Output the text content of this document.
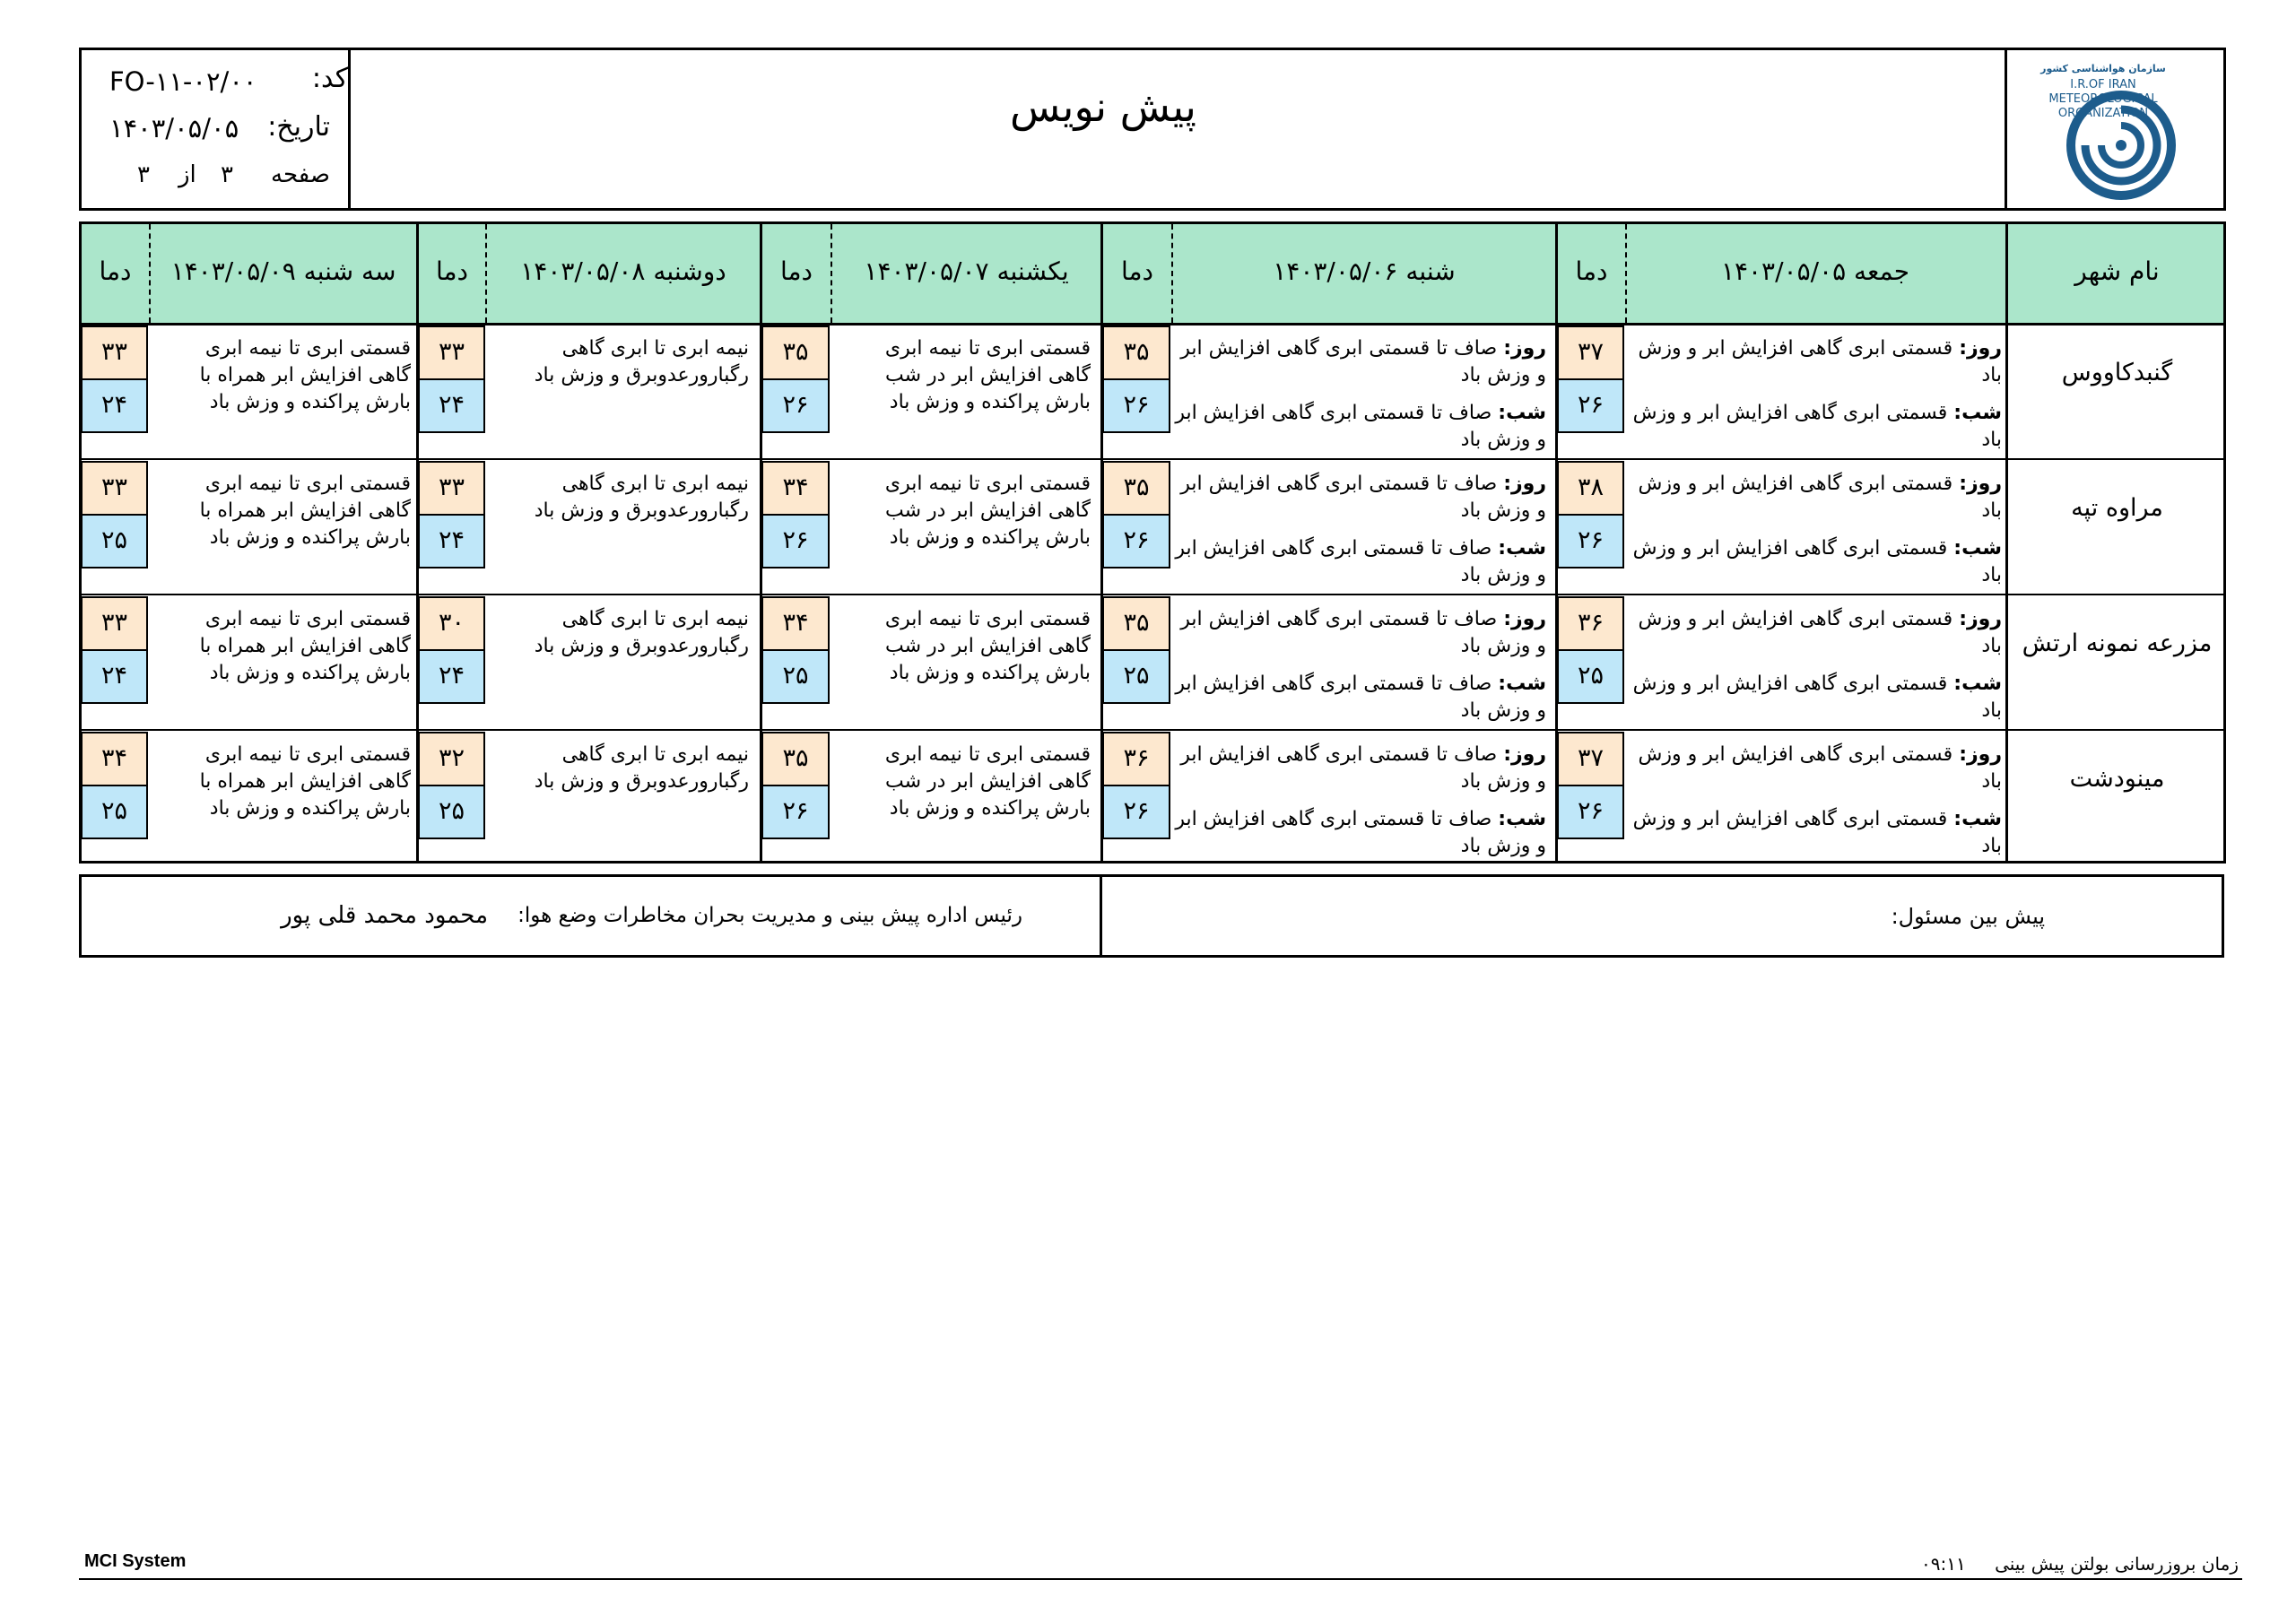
سازمان هواشناسی کشور
I.R.OF IRAN
METEOROLOGICAL
ORGANIZATION
پیش نویس
کد:
FO-۱۱-۰۲/۰۰
تاریخ:
۱۴۰۳/۰۵/۰۵
صفحه
۳
از
۳
نام شهر
جمعه ۱۴۰۳/۰۵/۰۵
دما
شنبه ۱۴۰۳/۰۵/۰۶
دما
یکشنبه ۱۴۰۳/۰۵/۰۷
دما
دوشنبه ۱۴۰۳/۰۵/۰۸
دما
سه شنبه ۱۴۰۳/۰۵/۰۹
دما
گنبدکاووس
روز: قسمتی ابری گاهی افزایش ابر و وزش باد
شب: قسمتی ابری گاهی افزایش ابر و وزش باد
۳۷
۲۶
روز: صاف تا قسمتی ابری گاهی افزایش ابر و وزش باد
شب: صاف تا قسمتی ابری گاهی افزایش ابر و وزش باد
۳۵
۲۶
قسمتی ابری تا نیمه ابری
گاهی افزایش ابر در شب
بارش پراکنده و وزش باد
۳۵
۲۶
نیمه ابری تا ابری گاهی
رگبارورعدوبرق و وزش باد
۳۳
۲۴
قسمتی ابری تا نیمه ابری
گاهی افزایش ابر همراه با
بارش پراکنده و وزش باد
۳۳
۲۴
مراوه تپه
روز: قسمتی ابری گاهی افزایش ابر و وزش باد
شب: قسمتی ابری گاهی افزایش ابر و وزش باد
۳۸
۲۶
روز: صاف تا قسمتی ابری گاهی افزایش ابر و وزش باد
شب: صاف تا قسمتی ابری گاهی افزایش ابر و وزش باد
۳۵
۲۶
قسمتی ابری تا نیمه ابری
گاهی افزایش ابر در شب
بارش پراکنده و وزش باد
۳۴
۲۶
نیمه ابری تا ابری گاهی
رگبارورعدوبرق و وزش باد
۳۳
۲۴
قسمتی ابری تا نیمه ابری
گاهی افزایش ابر همراه با
بارش پراکنده و وزش باد
۳۳
۲۵
مزرعه نمونه ارتش
روز: قسمتی ابری گاهی افزایش ابر و وزش باد
شب: قسمتی ابری گاهی افزایش ابر و وزش باد
۳۶
۲۵
روز: صاف تا قسمتی ابری گاهی افزایش ابر و وزش باد
شب: صاف تا قسمتی ابری گاهی افزایش ابر و وزش باد
۳۵
۲۵
قسمتی ابری تا نیمه ابری
گاهی افزایش ابر در شب
بارش پراکنده و وزش باد
۳۴
۲۵
نیمه ابری تا ابری گاهی
رگبارورعدوبرق و وزش باد
۳۰
۲۴
قسمتی ابری تا نیمه ابری
گاهی افزایش ابر همراه با
بارش پراکنده و وزش باد
۳۳
۲۴
مینودشت
روز: قسمتی ابری گاهی افزایش ابر و وزش باد
شب: قسمتی ابری گاهی افزایش ابر و وزش باد
۳۷
۲۶
روز: صاف تا قسمتی ابری گاهی افزایش ابر و وزش باد
شب: صاف تا قسمتی ابری گاهی افزایش ابر و وزش باد
۳۶
۲۶
قسمتی ابری تا نیمه ابری
گاهی افزایش ابر در شب
بارش پراکنده و وزش باد
۳۵
۲۶
نیمه ابری تا ابری گاهی
رگبارورعدوبرق و وزش باد
۳۲
۲۵
قسمتی ابری تا نیمه ابری
گاهی افزایش ابر همراه با
بارش پراکنده و وزش باد
۳۴
۲۵
پیش بین مسئول:
رئیس اداره پیش بینی و مدیریت بحران مخاطرات وضع هوا:
محمود محمد قلی پور
MCI System	زمان بروزرسانی بولتن پیش بینی
۰۹:۱۱
